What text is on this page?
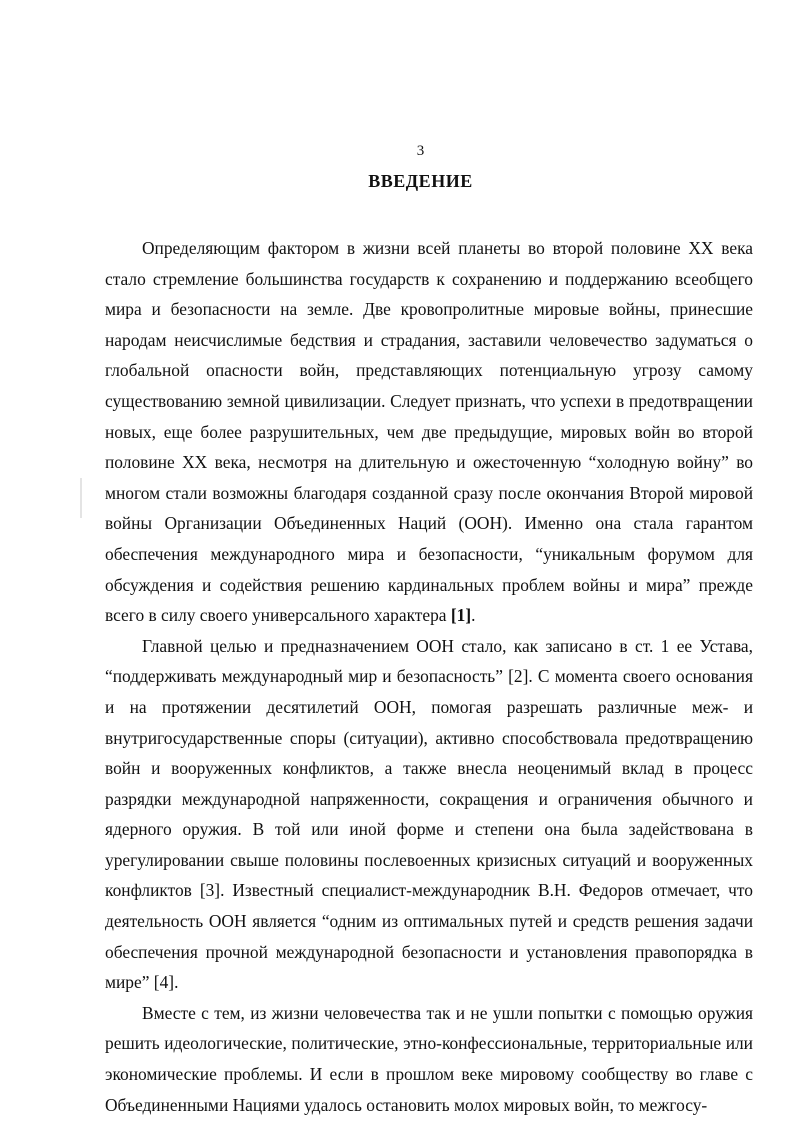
3
ВВЕДЕНИЕ

Определяющим фактором в жизни всей планеты во второй половине XX века стало стремление большинства государств к сохранению и поддержанию всеобщего мира и безопасности на земле. Две кровопролитные мировые войны, принесшие народам неисчислимые бедствия и страдания, заставили человечество задуматься о глобальной опасности войн, представляющих потенциальную угрозу самому существованию земной цивилизации. Следует признать, что успехи в предотвращении новых, еще более разрушительных, чем две предыдущие, мировых войн во второй половине XX века, несмотря на длительную и ожесточенную “холодную войну” во многом стали возможны благодаря созданной сразу после окончания Второй мировой войны Организации Объединенных Наций (ООН). Именно она стала гарантом обеспечения международного мира и безопасности, “уникальным форумом для обсуждения и содействия решению кардинальных проблем войны и мира” прежде всего в силу своего универсального характера [1].

Главной целью и предназначением ООН стало, как записано в ст. 1 ее Устава, “поддерживать международный мир и безопасность” [2]. С момента своего основания и на протяжении десятилетий ООН, помогая разрешать различные меж- и внутригосударственные споры (ситуации), активно способствовала предотвращению войн и вооруженных конфликтов, а также внесла неоценимый вклад в процесс разрядки международной напряженности, сокращения и ограничения обычного и ядерного оружия. В той или иной форме и степени она была задействована в урегулировании свыше половины послевоенных кризисных ситуаций и вооруженных конфликтов [3]. Известный специалист-международник В.Н. Федоров отмечает, что деятельность ООН является “одним из оптимальных путей и средств решения задачи обеспечения прочной международной безопасности и установления правопорядка в мире” [4].

Вместе с тем, из жизни человечества так и не ушли попытки с помощью оружия решить идеологические, политические, этно-конфессиональные, территориальные или экономические проблемы. И если в прошлом веке мировому сообществу во главе с Объединенными Нациями удалось остановить молох мировых войн, то межгосу-
